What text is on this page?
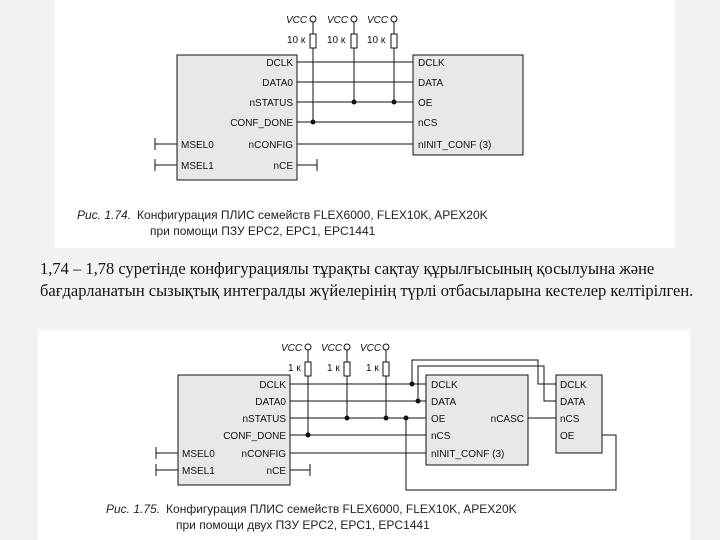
VCC VCC VCC
10 к 10 к 10 к
DCLK
DATA0
nSTATUS
CONF_DONE
nCONFIG
nCE
MSEL0
MSEL1
DCLK
DATA
OE
nCS
nINIT_CONF (3)
Рис. 1.74. Конфигурация ПЛИС семейств FLEX6000, FLEX10K, APEX20K
при помощи ПЗУ EPC2, EPC1, EPC1441
1,74 – 1,78 суретінде конфигурациялы тұрақты сақтау құрылғысының қосылуына және бағдарланатын сызықтық интегралды жүйелерінің түрлі отбасыларына кестелер келтірілген.
VCC VCC VCC
1 к	1 к	1 к
DCLK
DATA0
nSTATUS
CONF_DONE
nCONFIG
nCE
MSEL0
MSEL1
DCLK
DATA
OE
nCS
nINIT_CONF (3)
nCASC
DCLK
DATA
nCS
OE
Рис. 1.75. Конфигурация ПЛИС семейств FLEX6000, FLEX10K, APEX20K
при помощи двух ПЗУ EPC2, EPC1, EPC1441
